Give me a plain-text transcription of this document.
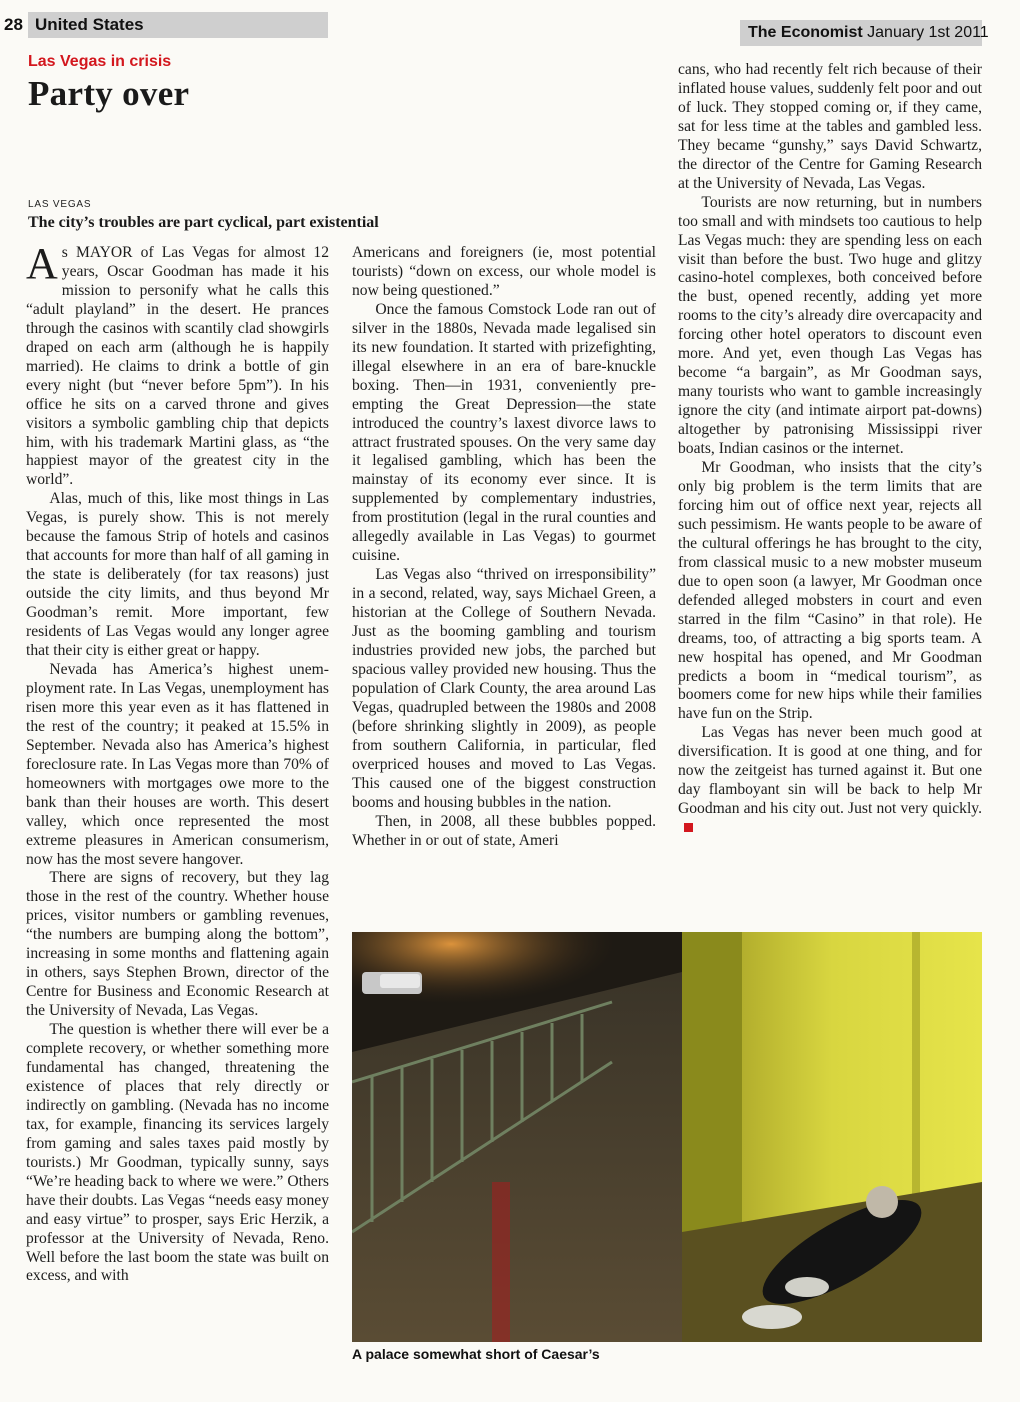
28 United States	The Economist January 1st 2011
Las Vegas in crisis
Party over
LAS VEGAS
The city’s troubles are part cyclical, part existential

As MAYOR of Las Vegas for almost 12 years, Oscar Goodman has made it his mission to personify what he calls this “adult playland” in the desert. He prances through the casinos with scantily clad showgirls draped on each arm (although he is happily married). He claims to drink a bottle of gin every night (but “never before 5pm”). In his office he sits on a carved throne and gives visitors a symbolic gambling chip that depicts him, with his trademark Martini glass, as “the happiest mayor of the greatest city in the world”.

Alas, much of this, like most things in Las Vegas, is purely show. This is not merely because the famous Strip of hotels and casinos that accounts for more than half of all gaming in the state is deliberately (for tax reasons) just outside the city limits, and thus beyond Mr Goodman’s remit. More important, few residents of Las Vegas would any longer agree that their city is either great or happy.

Nevada has America’s highest unemployment rate. In Las Vegas, unemployment has risen more this year even as it has flattened in the rest of the country; it peaked at 15.5% in September. Nevada also has America’s highest foreclosure rate. In Las Vegas more than 70% of homeowners with mortgages owe more to the bank than their houses are worth. This desert valley, which once represented the most extreme pleasures in American consumerism, now has the most severe hangover.

There are signs of recovery, but they lag those in the rest of the country. Whether house prices, visitor numbers or gambling revenues, “the numbers are bumping along the bottom”, increasing in some months and flattening again in others, says Stephen Brown, director of the Centre for Business and Economic Research at the University of Nevada, Las Vegas.

The question is whether there will ever be a complete recovery, or whether something more fundamental has changed, threatening the existence of places that rely directly or indirectly on gambling. (Nevada has no income tax, for example, financing its services largely from gaming and sales taxes paid mostly by tourists.) Mr Goodman, typically sunny, says “We’re heading back to where we were.” Others have their doubts. Las Vegas “needs easy money and easy virtue” to prosper, says Eric Herzik, a professor at the University of Nevada, Reno. Well before the last boom the state was built on excess, and with

Americans and foreigners (ie, most potential tourists) “down on excess, our whole model is now being questioned.”

Once the famous Comstock Lode ran out of silver in the 1880s, Nevada made legalised sin its new foundation. It started with prizefighting, illegal elsewhere in an era of bare-knuckle boxing. Then—in 1931, conveniently pre-empting the Great Depression—the state introduced the country’s laxest divorce laws to attract frustrated spouses. On the very same day it legalised gambling, which has been the mainstay of its economy ever since. It is supplemented by complementary industries, from prostitution (legal in the rural counties and allegedly available in Las Vegas) to gourmet cuisine.

Las Vegas also “thrived on irresponsibility” in a second, related, way, says Michael Green, a historian at the College of Southern Nevada. Just as the booming gambling and tourism industries provided new jobs, the parched but spacious valley provided new housing. Thus the population of Clark County, the area around Las Vegas, quadrupled between the 1980s and 2008 (before shrinking slightly in 2009), as people from southern California, in particular, fled overpriced houses and moved to Las Vegas. This caused one of the biggest construction booms and housing bubbles in the nation.

Then, in 2008, all these bubbles popped. Whether in or out of state, Ameri

cans, who had recently felt rich because of their inflated house values, suddenly felt poor and out of luck. They stopped coming or, if they came, sat for less time at the tables and gambled less. They became “gunshy,” says David Schwartz, the director of the Centre for Gaming Research at the University of Nevada, Las Vegas.

Tourists are now returning, but in numbers too small and with mindsets too cautious to help Las Vegas much: they are spending less on each visit than before the bust. Two huge and glitzy casino-hotel complexes, both conceived before the bust, opened recently, adding yet more rooms to the city’s already dire overcapacity and forcing other hotel operators to discount even more. And yet, even though Las Vegas has become “a bargain”, as Mr Goodman says, many tourists who want to gamble increasingly ignore the city (and intimate airport pat-downs) altogether by patronising Mississippi river boats, Indian casinos or the internet.

Mr Goodman, who insists that the city’s only big problem is the term limits that are forcing him out of office next year, rejects all such pessimism. He wants people to be aware of the cultural offerings he has brought to the city, from classical music to a new mobster museum due to open soon (a lawyer, Mr Goodman once defended alleged mobsters in court and even starred in the film “Casino” in that role). He dreams, too, of attracting a big sports team. A new hospital has opened, and Mr Goodman predicts a boom in “medical tourism”, as boomers come for new hips while their families have fun on the Strip.

Las Vegas has never been much good at diversification. It is good at one thing, and for now the zeitgeist has turned against it. But one day flamboyant sin will be back to help Mr Goodman and his city out. Just not very quickly.

A palace somewhat short of Caesar’s
